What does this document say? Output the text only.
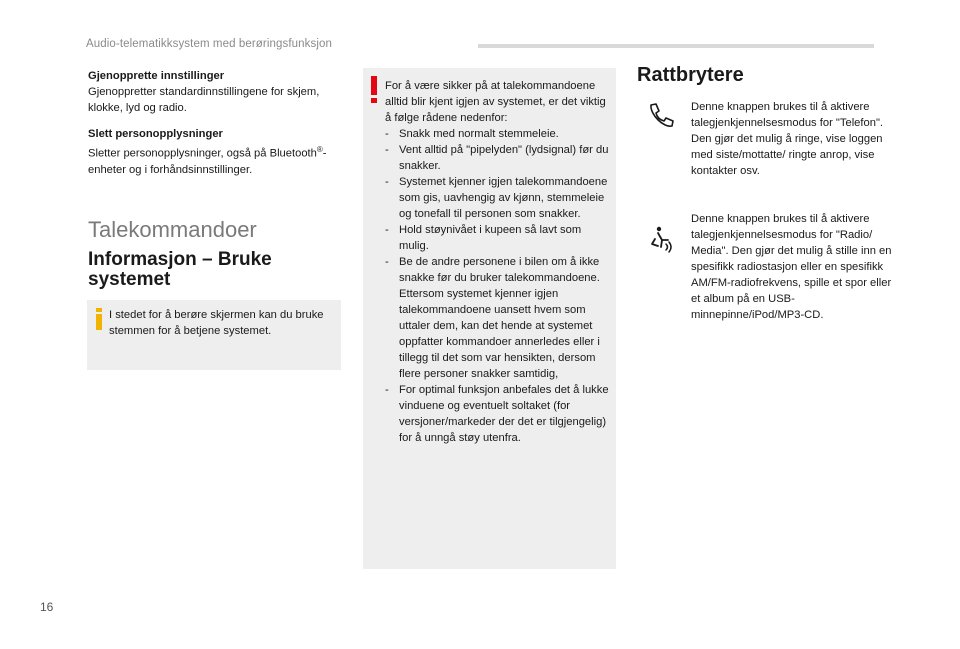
Audio-telematikksystem med berøringsfunksjon

Gjenopprette innstillinger
Gjenoppretter standardinnstillingene for skjem, klokke, lyd og radio.

Slett personopplysninger
Sletter personopplysninger, også på Bluetooth®-enheter og i forhåndsinnstillinger.

Talekommandoer
Informasjon – Bruke systemet

I stedet for å berøre skjermen kan du bruke stemmen for å betjene systemet.

For å være sikker på at talekommandoene alltid blir kjent igjen av systemet, er det viktig å følge rådene nedenfor:

- Snakk med normalt stemmeleie.
- Vent alltid på "pipelyden" (lydsignal) før du snakker.
- Systemet kjenner igjen talekommandoene som gis, uavhengig av kjønn, stemmeleie og tonefall til personen som snakker.
- Hold støynivået i kupeen så lavt som mulig.
- Be de andre personene i bilen om å ikke snakke før du bruker talekommandoene. Ettersom systemet kjenner igjen talekommandoene uansett hvem som uttaler dem, kan det hende at systemet oppfatter kommandoer annerledes eller i tillegg til det som var hensikten, dersom flere personer snakker samtidig,
- For optimal funksjon anbefales det å lukke vinduene og eventuelt soltaket (for versjoner/markeder der det er tilgjengelig) for å unngå støy utenfra.
Rattbrytere

Denne knappen brukes til å aktivere talegjenkjennelsesmodus for "Telefon". Den gjør det mulig å ringe, vise loggen med siste/mottatte/ ringte anrop, vise kontakter osv.

Denne knappen brukes til å aktivere talegjenkjennelsesmodus for "Radio/ Media". Den gjør det mulig å stille inn en spesifikk radiostasjon eller en spesifikk AM/FM-radiofrekvens, spille et spor eller et album på en USB-minnepinne/iPod/MP3-CD.

16
